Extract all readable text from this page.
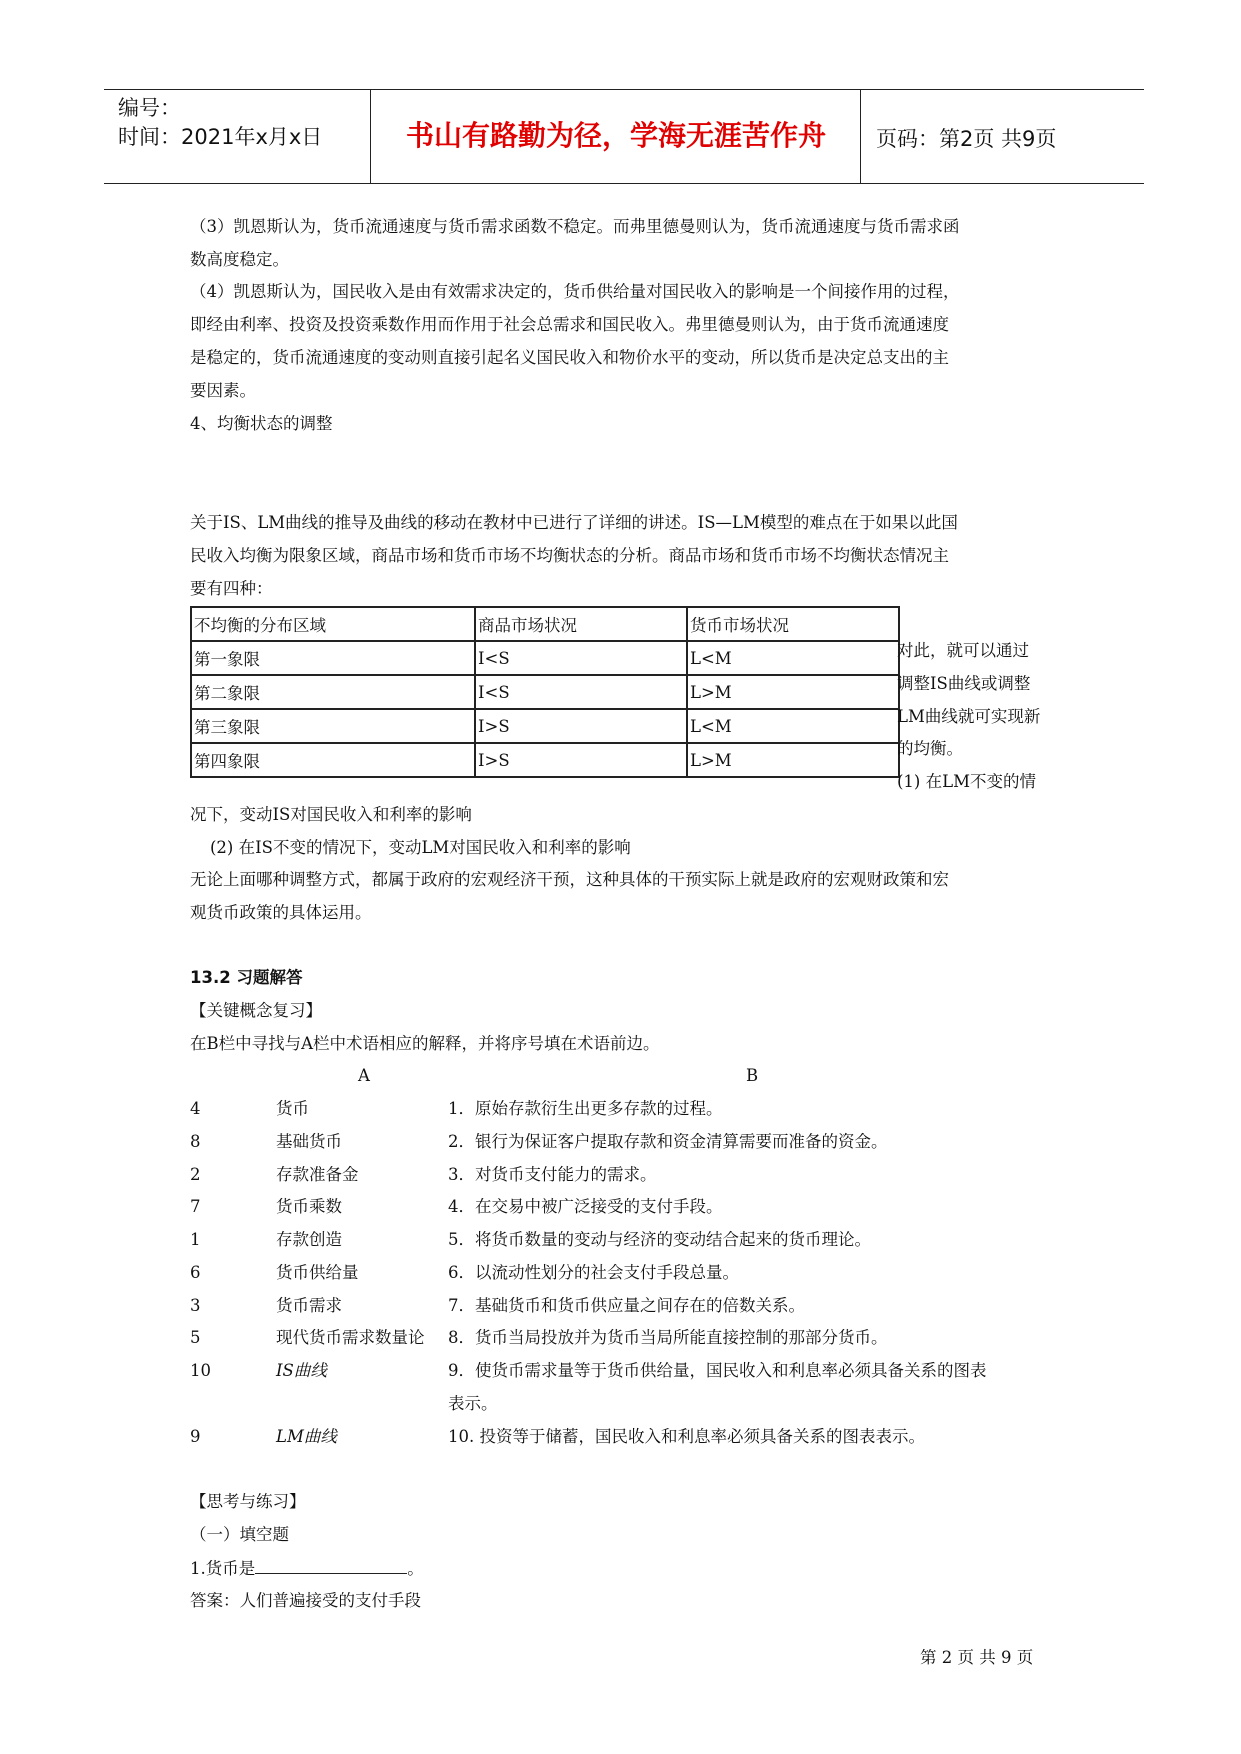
编号：
时间：2021年x月x日	书山有路勤为径，学海无涯苦作舟	页码：第2页 共9页
（3）凯恩斯认为，货币流通速度与货币需求函数不稳定。而弗里德曼则认为，货币流通速度与货币需求函
数高度稳定。
（4）凯恩斯认为，国民收入是由有效需求决定的，货币供给量对国民收入的影响是一个间接作用的过程，
即经由利率、投资及投资乘数作用而作用于社会总需求和国民收入。弗里德曼则认为，由于货币流通速度
是稳定的，货币流通速度的变动则直接引起名义国民收入和物价水平的变动，所以货币是决定总支出的主
要因素。
4、均衡状态的调整
关于IS、LM曲线的推导及曲线的移动在教材中已进行了详细的讲述。IS—LM模型的难点在于如果以此国
民收入均衡为限象区域，商品市场和货币市场不均衡状态的分析。商品市场和货币市场不均衡状态情况主
要有四种：
不均衡的分布区域	商品市场状况	货币市场状况
第一象限	I<S	L<M
第二象限	I<S	L>M
第三象限	I>S	L<M
第四象限	I>S	L>M
对此，就可以通过
调整IS曲线或调整
LM曲线就可实现新
的均衡。
(1) 在LM不变的情
况下，变动IS对国民收入和利率的影响
(2) 在IS不变的情况下，变动LM对国民收入和利率的影响
无论上面哪种调整方式，都属于政府的宏观经济干预，这种具体的干预实际上就是政府的宏观财政策和宏
观货币政策的具体运用。
13.2 习题解答
【关键概念复习】
在B栏中寻找与A栏中术语相应的解释，并将序号填在术语前边。
A	B
4	货币	1．原始存款衍生出更多存款的过程。
8	基础货币	2．银行为保证客户提取存款和资金清算需要而准备的资金。
2	存款准备金	3．对货币支付能力的需求。
7	货币乘数	4．在交易中被广泛接受的支付手段。
1	存款创造	5．将货币数量的变动与经济的变动结合起来的货币理论。
6	货币供给量	6．以流动性划分的社会支付手段总量。
3	货币需求	7．基础货币和货币供应量之间存在的倍数关系。
5	现代货币需求数量论 8．货币当局投放并为货币当局所能直接控制的那部分货币。
10	IS曲线	9．使货币需求量等于货币供给量，国民收入和利息率必须具备关系的图表
表示。
9	LM曲线	10. 投资等于储蓄，国民收入和利息率必须具备关系的图表表示。
【思考与练习】
（一）填空题
1.货币是	。
答案：人们普遍接受的支付手段
第 2 页 共 9 页
